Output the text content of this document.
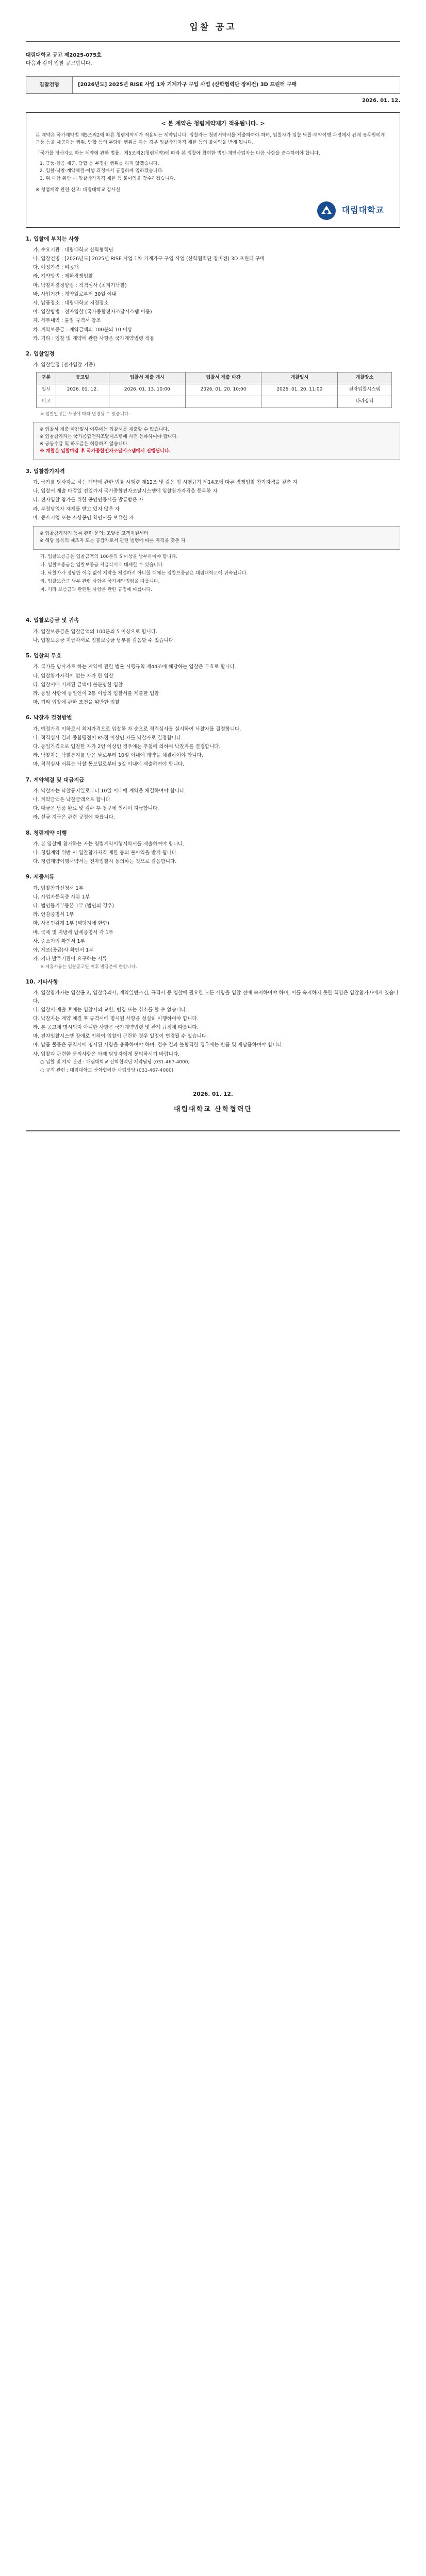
입찰 공고
대림대학교 공고 제2025-075호
다음과 같이 입찰 공고합니다.
입찰건명	[2026년도] 2025년 RISE 사업 1차 기계가구 구입 사업 (산학협력단 장비전) 3D 프린터 구매
2026. 01. 12.
< 본 계약은 청렴계약제가 적용됩니다. >

본 계약은 국가계약법 제5조의2에 따른 청렴계약제가 적용되는 계약입니다. 입찰자는 청렴서약서를 제출하여야 하며, 입찰자가 입찰·낙찰·계약이행 과정에서 관계 공무원에게 금품 등을 제공하는 행위, 담합 등의 부당한 행위를 하는 경우 입찰참가자격 제한 등의 불이익을 받게 됩니다.

「국가를 당사자로 하는 계약에 관한 법률」제5조의2(청렴계약)에 따라 본 입찰에 참여한 법인·개인사업자는 다음 사항을 준수하여야 합니다.

1. 금품·향응 제공, 담합 등 부정한 행위를 하지 않겠습니다.
2. 입찰·낙찰·계약체결·이행 과정에서 공정하게 임하겠습니다.
3. 위 사항 위반 시 입찰참가자격 제한 등 불이익을 감수하겠습니다.

※ 청렴계약 관련 신고: 대림대학교 감사실

대림대학교
1. 입찰에 부치는 사항
가. 수요기관 : 대림대학교 산학협력단
나. 입찰건명 : [2026년도] 2025년 RISE 사업 1차 기계가구 구입 사업 (산학협력단 장비전) 3D 프린터 구매
다. 예정가격 : 비공개
라. 계약방법 : 제한경쟁입찰
마. 낙찰자결정방법 : 적격심사 (최저가낙찰)
바. 사업기간 : 계약일로부터 30일 이내
사. 납품장소 : 대림대학교 지정장소
아. 입찰방법 : 전자입찰 (국가종합전자조달시스템 이용)
자. 세부내역 : 붙임 규격서 참조
차. 계약보증금 : 계약금액의 100분의 10 이상
카. 기타 : 입찰 및 계약에 관한 사항은 국가계약법령 적용
2. 입찰일정
가. 입찰일정 (전자입찰 기준)
구분	공고일	입찰서 제출 개시	입찰서 제출 마감	개찰일시	개찰장소
일시	2026. 01. 12.	2026. 01. 13. 10:00	2026. 01. 20. 10:00	2026. 01. 20. 11:00	전자입찰시스템
비고					나라장터
※ 입찰일정은 사정에 따라 변경될 수 있습니다.
※ 입찰서 제출 마감일시 이후에는 입찰서를 제출할 수 없습니다.
※ 입찰참가자는 국가종합전자조달시스템에 사전 등록하여야 합니다.
※ 공동수급 및 하도급은 허용하지 않습니다.
※ 개찰은 입찰마감 후 국가종합전자조달시스템에서 진행됩니다.
3. 입찰참가자격
가. 국가를 당사자로 하는 계약에 관한 법률 시행령 제12조 및 같은 법 시행규칙 제14조에 따른 경쟁입찰 참가자격을 갖춘 자
나. 입찰서 제출 마감일 전일까지 국가종합전자조달시스템에 입찰참가자격을 등록한 자
다. 전자입찰 참가를 위한 공인인증서를 발급받은 자
라. 부정당업자 제재를 받고 있지 않은 자
마. 중소기업 또는 소상공인 확인서를 보유한 자
※ 입찰참가자격 등록 관련 문의: 조달청 고객지원센터
※ 해당 품목의 제조자 또는 공급자로서 관련 법령에 따른 자격을 갖춘 자
가. 입찰보증금은 입찰금액의 100분의 5 이상을 납부하여야 합니다.
나. 입찰보증금은 입찰보증금 지급각서로 대체할 수 있습니다.
다. 낙찰자가 정당한 이유 없이 계약을 체결하지 아니할 때에는 입찰보증금은 대림대학교에 귀속됩니다.
라. 입찰보증금 납부 관련 사항은 국가계약법령을 따릅니다.
마. 기타 보증금과 관련된 사항은 관련 규정에 따릅니다.
4. 입찰보증금 및 귀속
가. 입찰보증금은 입찰금액의 100분의 5 이상으로 합니다.
나. 입찰보증금 지급각서로 입찰보증금 납부를 갈음할 수 있습니다.
5. 입찰의 무효
가. 국가를 당사자로 하는 계약에 관한 법률 시행규칙 제44조에 해당하는 입찰은 무효로 합니다.
나. 입찰참가자격이 없는 자가 한 입찰
다. 입찰서에 기재된 금액이 불분명한 입찰
라. 동일 사항에 동일인이 2통 이상의 입찰서를 제출한 입찰
마. 기타 입찰에 관한 조건을 위반한 입찰
6. 낙찰자 결정방법
가. 예정가격 이하로서 최저가격으로 입찰한 자 순으로 적격심사를 실시하여 낙찰자를 결정합니다.
나. 적격심사 결과 종합평점이 85점 이상인 자를 낙찰자로 결정합니다.
다. 동일가격으로 입찰한 자가 2인 이상인 경우에는 추첨에 의하여 낙찰자를 결정합니다.
라. 낙찰자는 낙찰통지를 받은 날로부터 10일 이내에 계약을 체결하여야 합니다.
마. 적격심사 서류는 낙찰 통보일로부터 5일 이내에 제출하여야 합니다.
7. 계약체결 및 대금지급
가. 낙찰자는 낙찰통지일로부터 10일 이내에 계약을 체결하여야 합니다.
나. 계약금액은 낙찰금액으로 합니다.
다. 대금은 납품 완료 및 검수 후 청구에 의하여 지급합니다.
라. 선금 지급은 관련 규정에 따릅니다.
8. 청렴계약 이행
가. 본 입찰에 참가하는 자는 청렴계약이행서약서를 제출하여야 합니다.
나. 청렴계약 위반 시 입찰참가자격 제한 등의 불이익을 받게 됩니다.
다. 청렴계약이행서약서는 전자입찰시 동의하는 것으로 갈음합니다.
9. 제출서류
가. 입찰참가신청서 1부
나. 사업자등록증 사본 1부
다. 법인등기부등본 1부 (법인의 경우)
라. 인감증명서 1부
마. 사용인감계 1부 (해당자에 한함)
바. 국세 및 지방세 납세증명서 각 1부
사. 중소기업 확인서 1부
아. 제조(공급)사 확인서 1부
자. 기타 발주기관이 요구하는 서류
※ 제출서류는 입찰공고일 이후 발급분에 한합니다.
10. 기타사항
가. 입찰참가자는 입찰공고, 입찰유의서, 계약일반조건, 규격서 등 입찰에 필요한 모든 사항을 입찰 전에 숙지하여야 하며, 이를 숙지하지 못한 책임은 입찰참가자에게 있습니다.
나. 입찰서 제출 후에는 입찰서의 교환, 변경 또는 취소를 할 수 없습니다.
다. 낙찰자는 계약 체결 후 규격서에 명시된 사항을 성실히 이행하여야 합니다.
라. 본 공고에 명시되지 아니한 사항은 국가계약법령 및 관계 규정에 따릅니다.
마. 전자입찰시스템 장애로 인하여 입찰이 곤란한 경우 일정이 변경될 수 있습니다.
바. 납품 물품은 규격서에 명시된 사항을 충족하여야 하며, 검수 결과 불합격한 경우에는 반품 및 재납품하여야 합니다.
사. 입찰과 관련한 문의사항은 아래 담당자에게 문의하시기 바랍니다.
○ 입찰 및 계약 관련 : 대림대학교 산학협력단 계약담당 (031-467-4000)
○ 규격 관련 : 대림대학교 산학협력단 사업담당 (031-467-4000)
2026. 01. 12.
대림대학교 산학협력단
